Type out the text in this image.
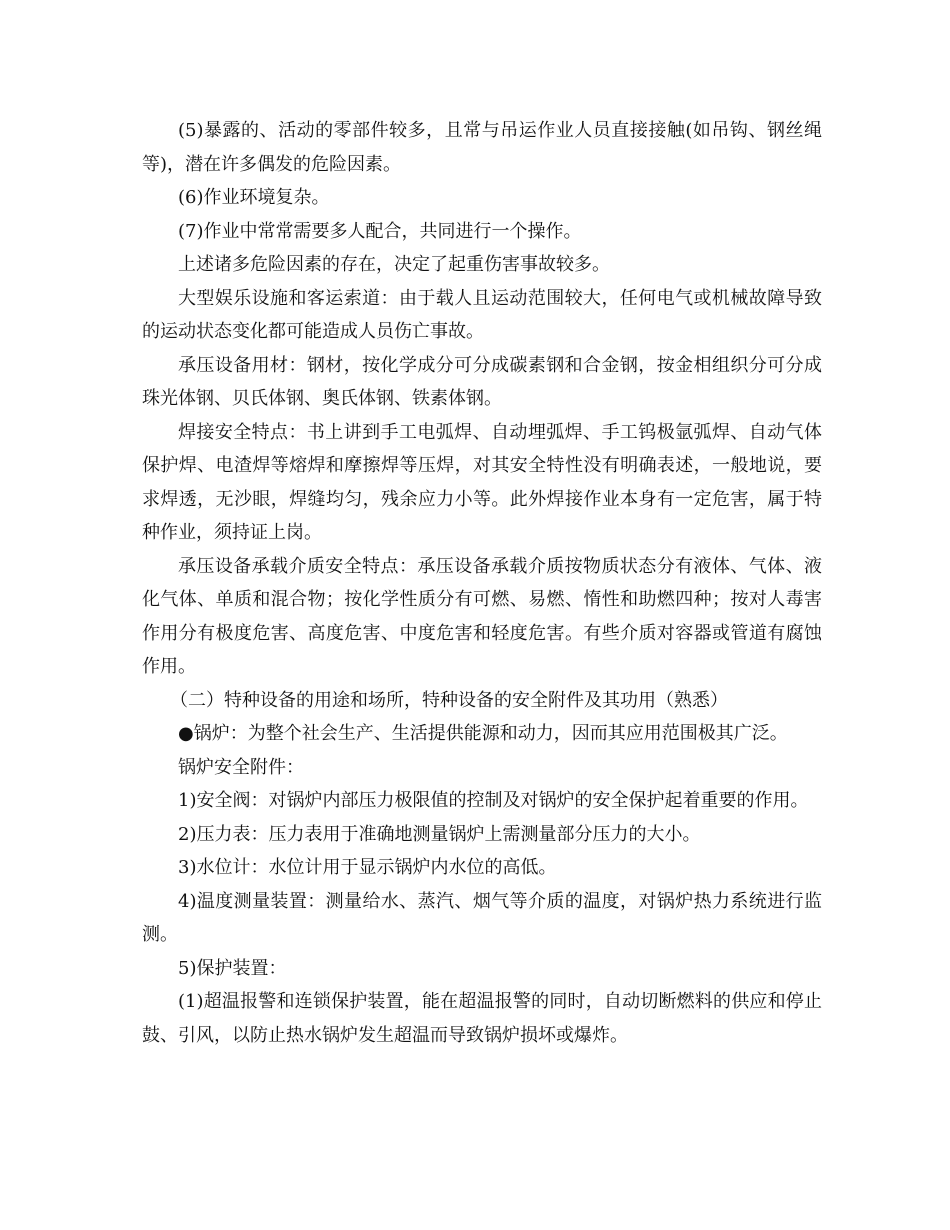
(5)暴露的、活动的零部件较多，且常与吊运作业人员直接接触(如吊钩、钢丝绳等)，潜在许多偶发的危险因素。

(6)作业环境复杂。

(7)作业中常常需要多人配合，共同进行一个操作。

上述诸多危险因素的存在，决定了起重伤害事故较多。

大型娱乐设施和客运索道：由于载人且运动范围较大，任何电气或机械故障导致的运动状态变化都可能造成人员伤亡事故。

承压设备用材：钢材，按化学成分可分成碳素钢和合金钢，按金相组织分可分成珠光体钢、贝氏体钢、奥氏体钢、铁素体钢。

焊接安全特点：书上讲到手工电弧焊、自动埋弧焊、手工钨极氩弧焊、自动气体保护焊、电渣焊等熔焊和摩擦焊等压焊，对其安全特性没有明确表述，一般地说，要求焊透，无沙眼，焊缝均匀，残余应力小等。此外焊接作业本身有一定危害，属于特种作业，须持证上岗。

承压设备承载介质安全特点：承压设备承载介质按物质状态分有液体、气体、液化气体、单质和混合物；按化学性质分有可燃、易燃、惰性和助燃四种；按对人毒害作用分有极度危害、高度危害、中度危害和轻度危害。有些介质对容器或管道有腐蚀作用。

（二）特种设备的用途和场所，特种设备的安全附件及其功用（熟悉）

●锅炉：为整个社会生产、生活提供能源和动力，因而其应用范围极其广泛。

锅炉安全附件：

1)安全阀：对锅炉内部压力极限值的控制及对锅炉的安全保护起着重要的作用。

2)压力表：压力表用于准确地测量锅炉上需测量部分压力的大小。

3)水位计：水位计用于显示锅炉内水位的高低。

4)温度测量装置：测量给水、蒸汽、烟气等介质的温度，对锅炉热力系统进行监测。

5)保护装置：

(1)超温报警和连锁保护装置，能在超温报警的同时，自动切断燃料的供应和停止鼓、引风，以防止热水锅炉发生超温而导致锅炉损坏或爆炸。
